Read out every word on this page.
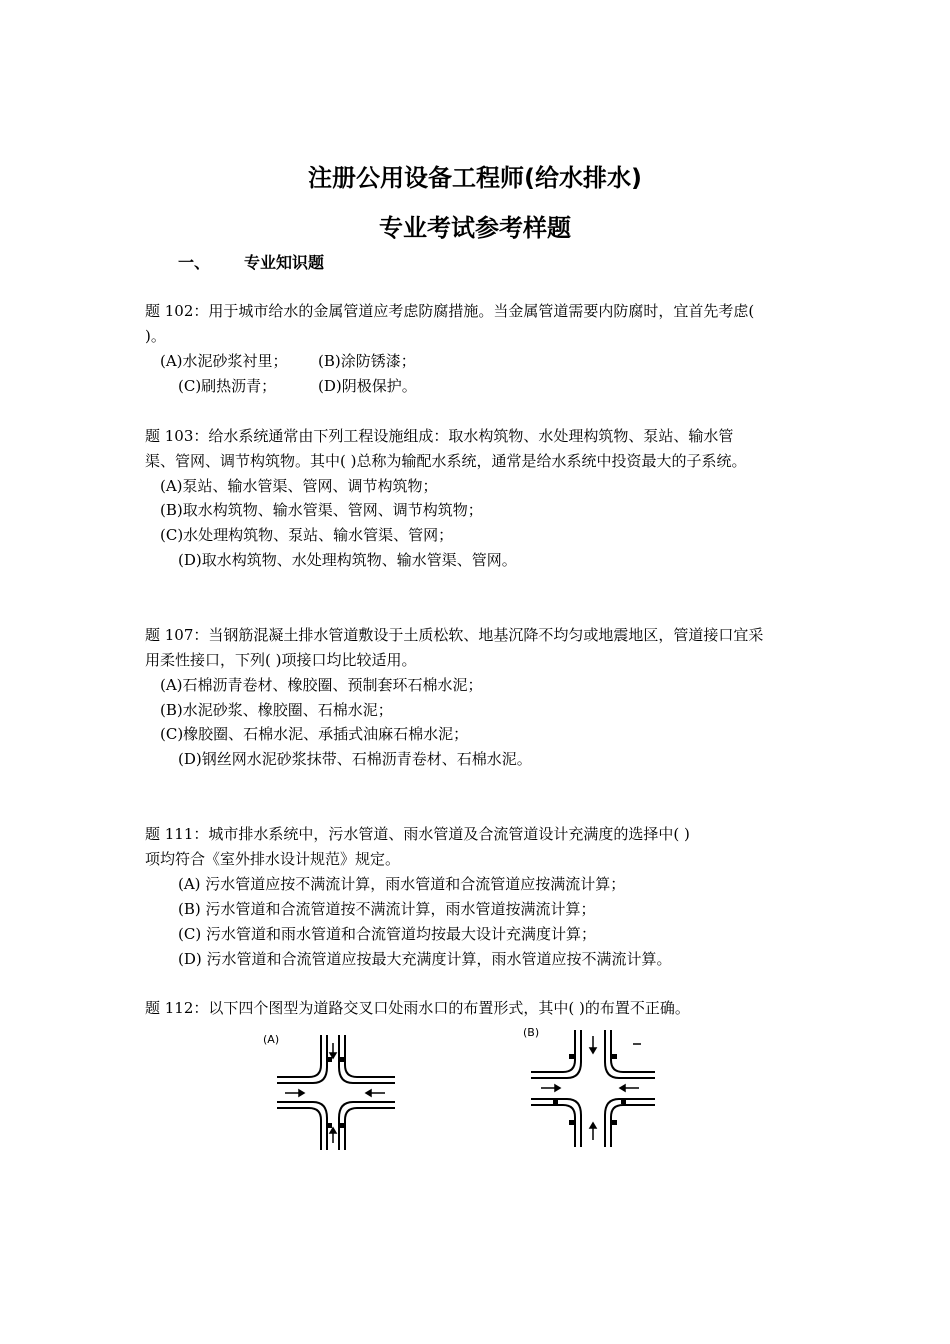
注册公用设备工程师(给水排水)
专业考试参考样题
一、 专业知识题
题 102：用于城市给水的金属管道应考虑防腐措施。当金属管道需要内防腐时，宜首先考虑(
)。
(A)水泥砂浆衬里； (B)涂防锈漆；
(C)刷热沥青；	(D)阴极保护。
题 103：给水系统通常由下列工程设施组成：取水构筑物、水处理构筑物、泵站、输水管
渠、管网、调节构筑物。其中( )总称为输配水系统，通常是给水系统中投资最大的子系统。
(A)泵站、输水管渠、管网、调节构筑物；
(B)取水构筑物、输水管渠、管网、调节构筑物；
(C)水处理构筑物、泵站、输水管渠、管网；
(D)取水构筑物、水处理构筑物、输水管渠、管网。
题 107：当钢筋混凝土排水管道敷设于土质松软、地基沉降不均匀或地震地区，管道接口宜采
用柔性接口，下列( )项接口均比较适用。
(A)石棉沥青卷材、橡胶圈、预制套环石棉水泥；
(B)水泥砂浆、橡胶圈、石棉水泥；
(C)橡胶圈、石棉水泥、承插式油麻石棉水泥；
(D)钢丝网水泥砂浆抹带、石棉沥青卷材、石棉水泥。
题 111：城市排水系统中，污水管道、雨水管道及合流管道设计充满度的选择中( )
项均符合《室外排水设计规范》规定。
(A) 污水管道应按不满流计算，雨水管道和合流管道应按满流计算；
(B) 污水管道和合流管道按不满流计算，雨水管道按满流计算；
(C) 污水管道和雨水管道和合流管道均按最大设计充满度计算；
(D) 污水管道和合流管道应按最大充满度计算，雨水管道应按不满流计算。
题 112：以下四个图型为道路交叉口处雨水口的布置形式，其中( )的布置不正确。
(A)
(B)
